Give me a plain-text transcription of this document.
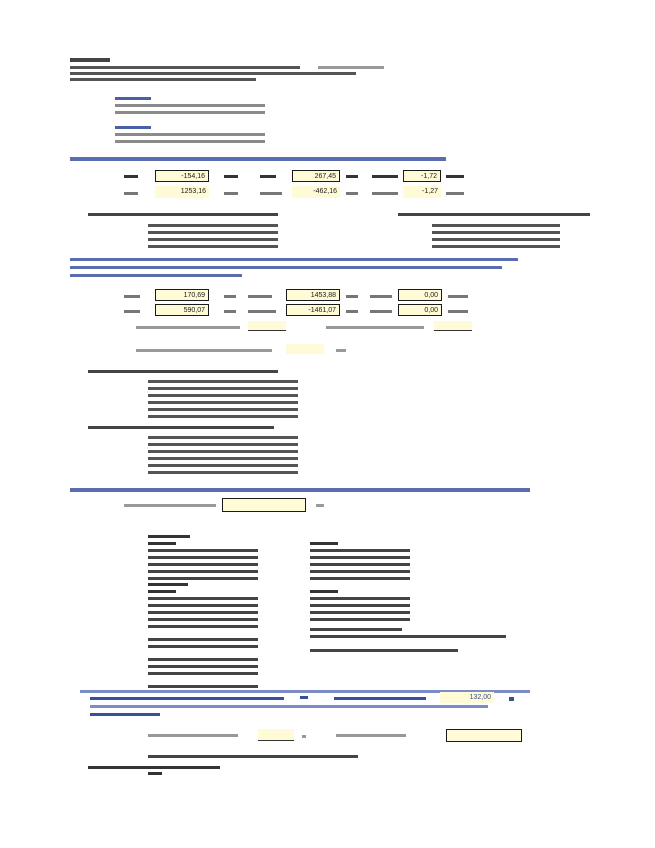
-154,16	267,45	-1,72
1253,16	-462,16	-1,27
170,69	1453,88	0,00
590,07	-1461,07	0,00
132,00
